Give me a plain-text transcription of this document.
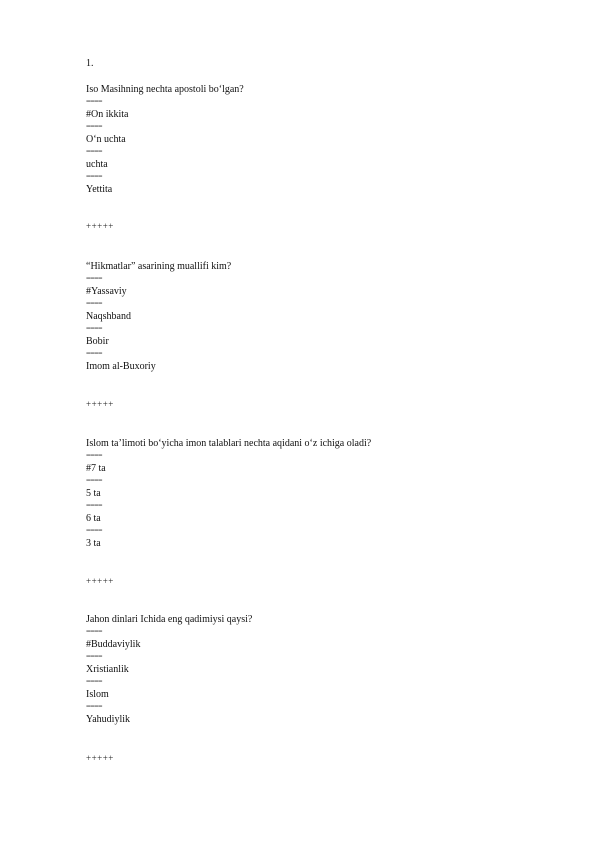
1.
Iso Masihning nechta apostoli bo‘lgan?
====
#On ikkita
====
O‘n uchta
====
uchta
====
Yettita
+++++
“Hikmatlar” asarining muallifi kim?
====
#Yassaviy
====
Naqshband
====
Bobir
====
Imom al-Buxoriy
+++++
Islom ta’limoti bo‘yicha imon talablari nechta aqidani o‘z ichiga oladi?
====
#7 ta
====
5 ta
====
6 ta
====
3 ta
+++++
Jahon dinlari Ichida eng qadimiysi qaysi?
====
#Buddaviylik
====
Xristianlik
====
Islom
====
Yahudiylik
+++++
